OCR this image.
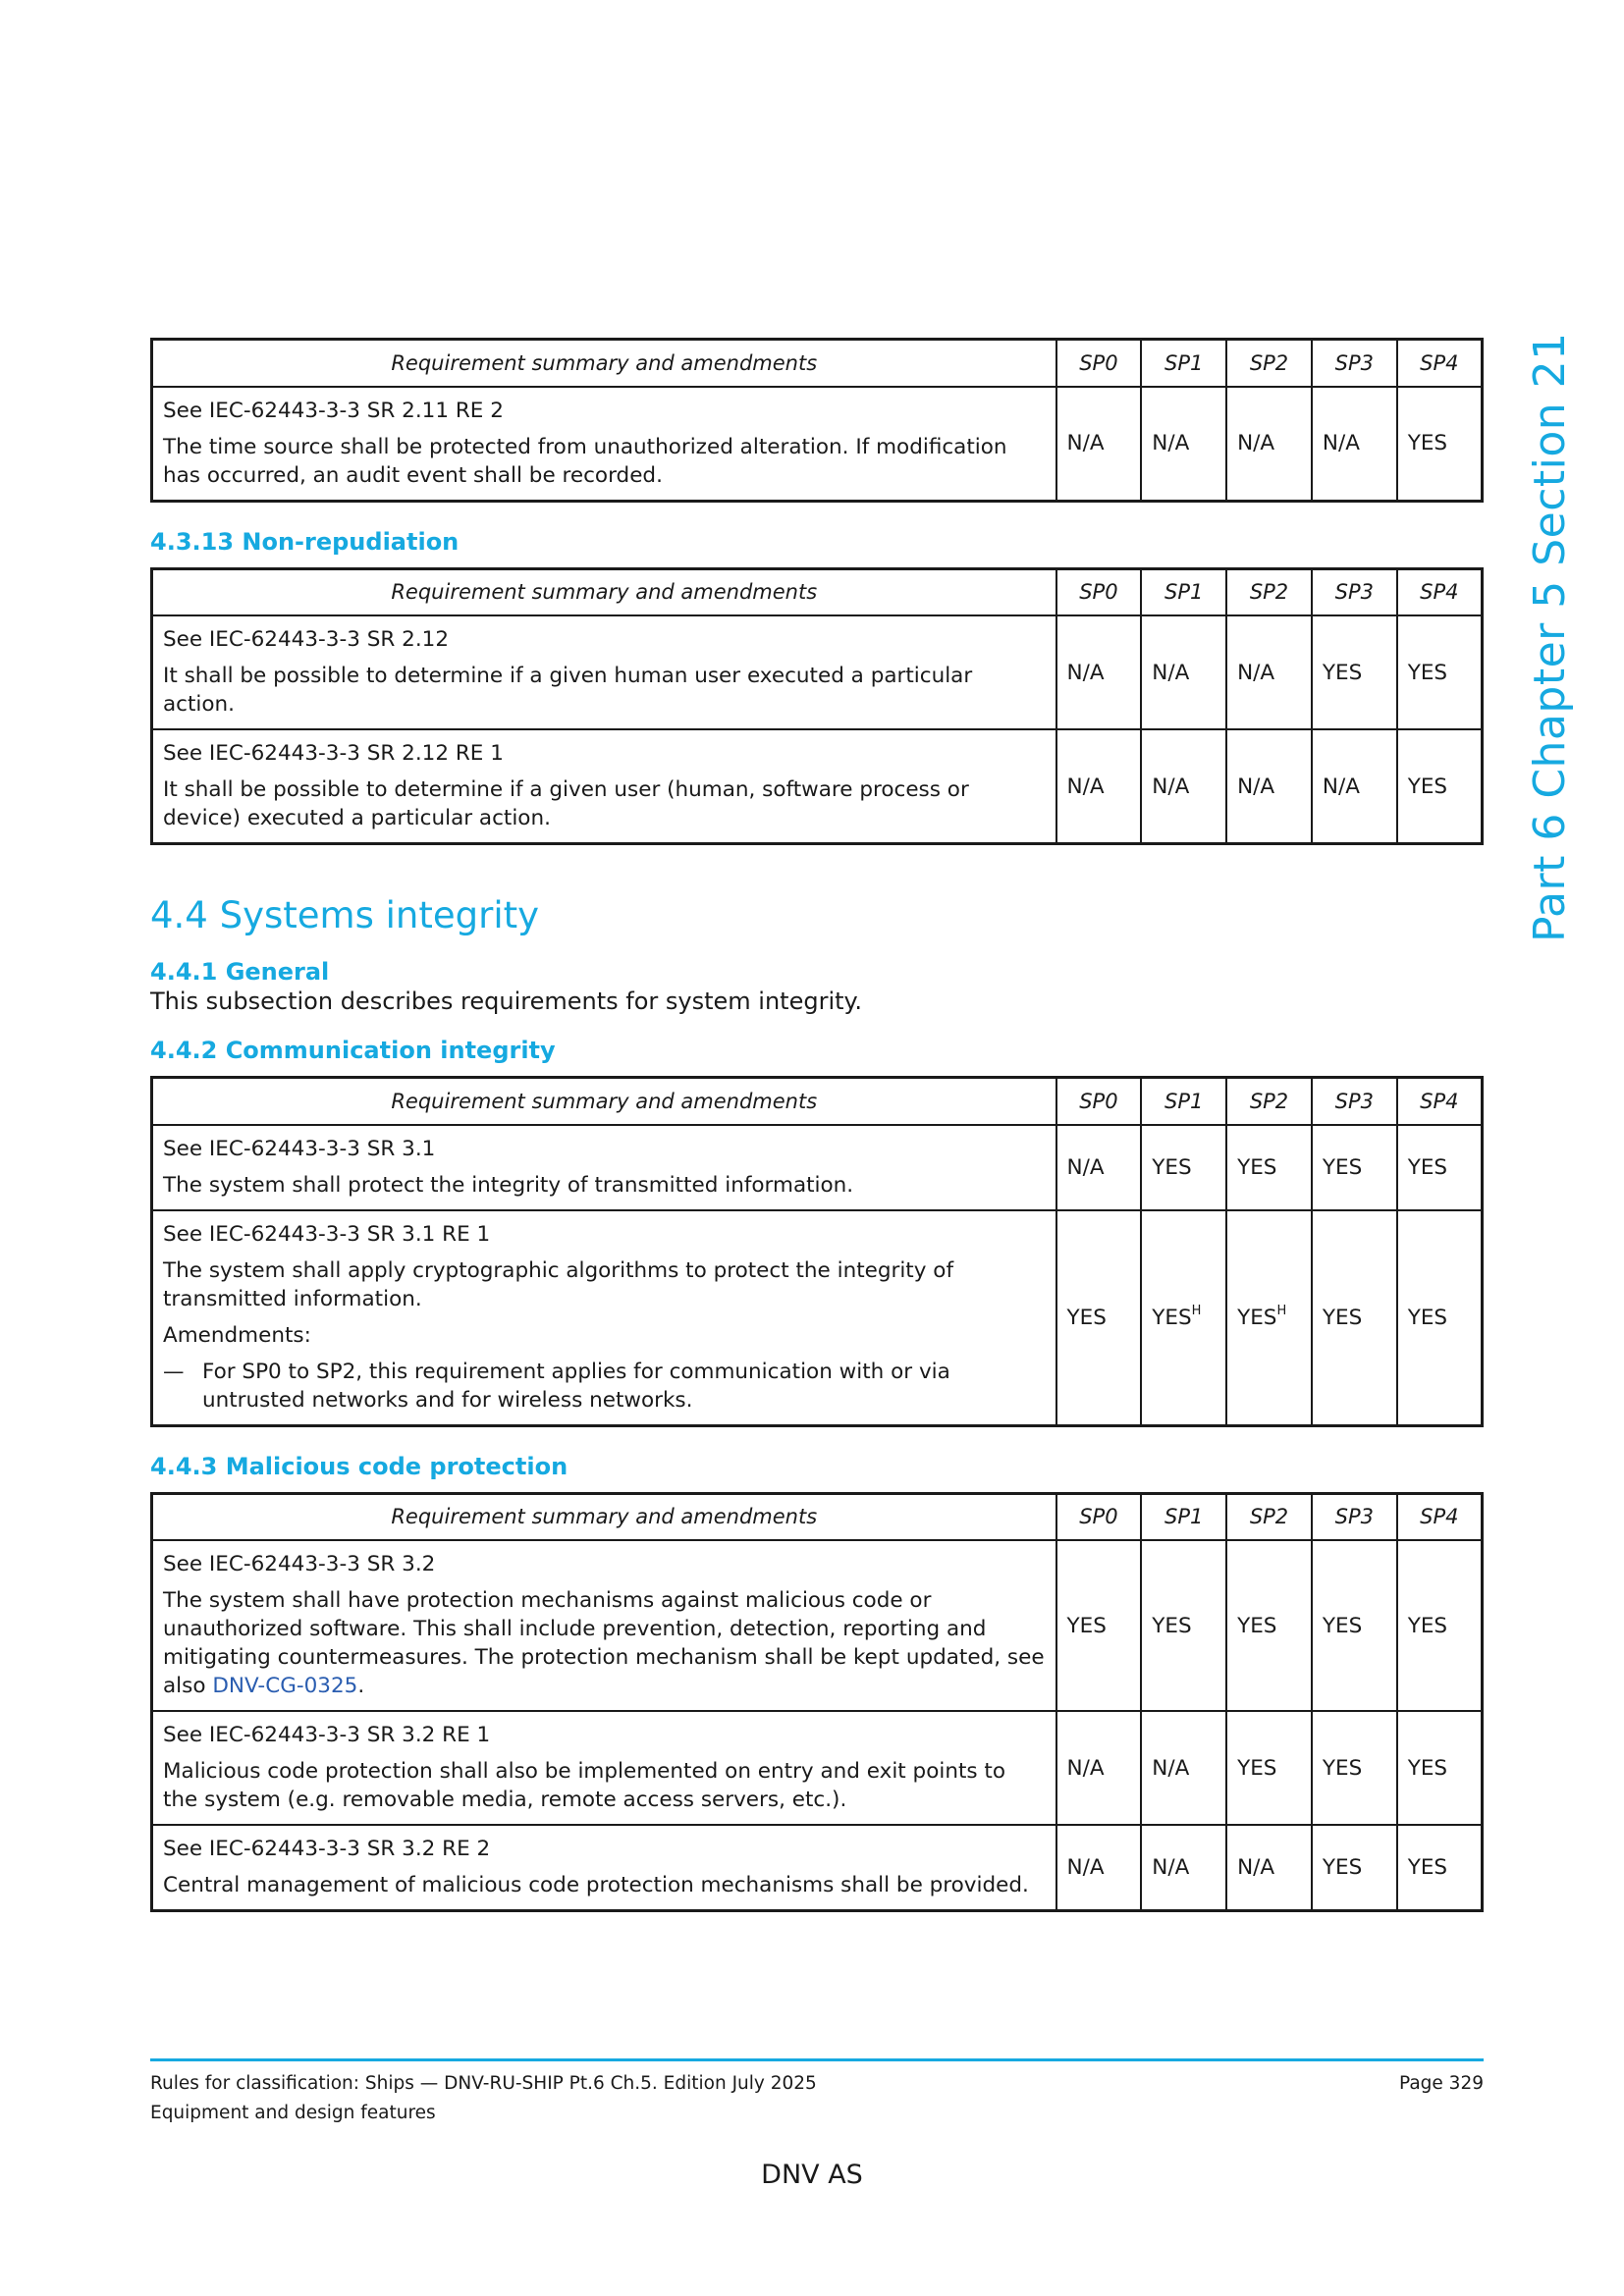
Part 6 Chapter 5 Section 21
Requirement summary and amendments	SP0	SP1	SP2	SP3	SP4

See IEC-62443-3-3 SR 2.11 RE 2

The time source shall be protected from unauthorized alteration. If modification has occurred, an audit event shall be recorded.	N/A	N/A	N/A	N/A	YES
4.3.13 Non-repudiation
Requirement summary and amendments	SP0	SP1	SP2	SP3	SP4

See IEC-62443-3-3 SR 2.12

It shall be possible to determine if a given human user executed a particular action.	N/A	N/A	N/A	YES	YES

See IEC-62443-3-3 SR 2.12 RE 1

It shall be possible to determine if a given user (human, software process or device) executed a particular action.	N/A	N/A	N/A	N/A	YES
4.4 Systems integrity
4.4.1 General

This subsection describes requirements for system integrity.

4.4.2 Communication integrity
Requirement summary and amendments	SP0	SP1	SP2	SP3	SP4

See IEC-62443-3-3 SR 3.1

The system shall protect the integrity of transmitted information.	N/A	YES	YES	YES	YES

See IEC-62443-3-3 SR 3.1 RE 1

The system shall apply cryptographic algorithms to protect the integrity of transmitted information.

Amendments:

— For SP0 to SP2, this requirement applies for communication with or via untrusted networks and for wireless networks.	YES	$YES^H$	$YES^H$	YES	YES
4.4.3 Malicious code protection
Requirement summary and amendments	SP0	SP1	SP2	SP3	SP4

See IEC-62443-3-3 SR 3.2

The system shall have protection mechanisms against malicious code or unauthorized software. This shall include prevention, detection, reporting and mitigating countermeasures. The protection mechanism shall be kept updated, see also DNV-CG-0325.	YES	YES	YES	YES	YES

See IEC-62443-3-3 SR 3.2 RE 1

Malicious code protection shall also be implemented on entry and exit points to the system (e.g. removable media, remote access servers, etc.).	N/A	N/A	YES	YES	YES

See IEC-62443-3-3 SR 3.2 RE 2

Central management of malicious code protection mechanisms shall be provided.	N/A	N/A	N/A	YES	YES
Rules for classification: Ships — DNV-RU-SHIP Pt.6 Ch.5. Edition July 2025
Equipment and design features
Page 329
DNV AS
